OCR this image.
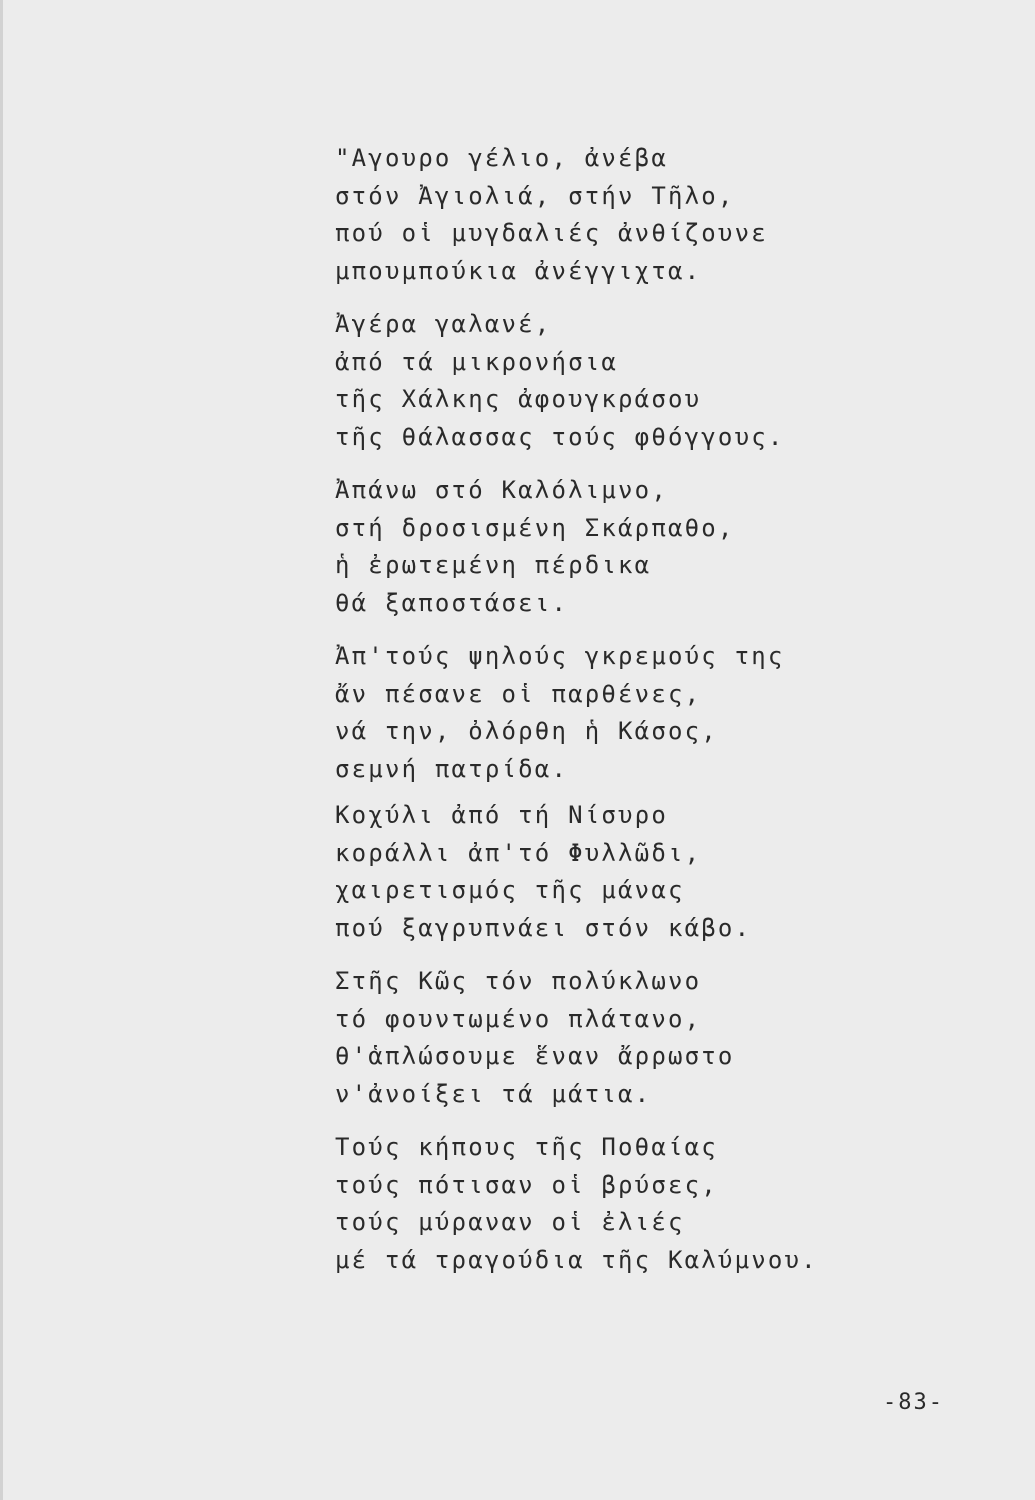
"Αγουρο γέλιο, ἀνέβα
στόν Ἀγιολιά, στήν Τῆλο,
πού οἱ μυγδαλιές ἀνθίζουνε
μπουμπούκια ἀνέγγιχτα.
Ἀγέρα γαλανέ,
ἀπό τά μικρονήσια
τῆς Χάλκης ἀφουγκράσου
τῆς θάλασσας τούς φθόγγους.
Ἀπάνω στό Καλόλιμνο,
στή δροσισμένη Σκάρπαθο,
ἡ ἐρωτεμένη πέρδικα
θά ξαποστάσει.
Ἀπ'τούς ψηλούς γκρεμούς της
ἄν πέσανε οἱ παρθένες,
νά την, ὀλόρθη ἡ Κάσος,
σεμνή πατρίδα.
Κοχύλι ἀπό τή Νίσυρο
κοράλλι ἀπ'τό Φυλλῶδι,
χαιρετισμός τῆς μάνας
πού ξαγρυπνάει στόν κάβο.
Στῆς Κῶς τόν πολύκλωνο
τό φουντωμένο πλάτανο,
θ'ἁπλώσουμε ἕναν ἄρρωστο
ν'ἀνοίξει τά μάτια.
Τούς κήπους τῆς Ποθαίας
τούς πότισαν οἱ βρύσες,
τούς μύραναν οἱ ἐλιές
μέ τά τραγούδια τῆς Καλύμνου.
-83-
